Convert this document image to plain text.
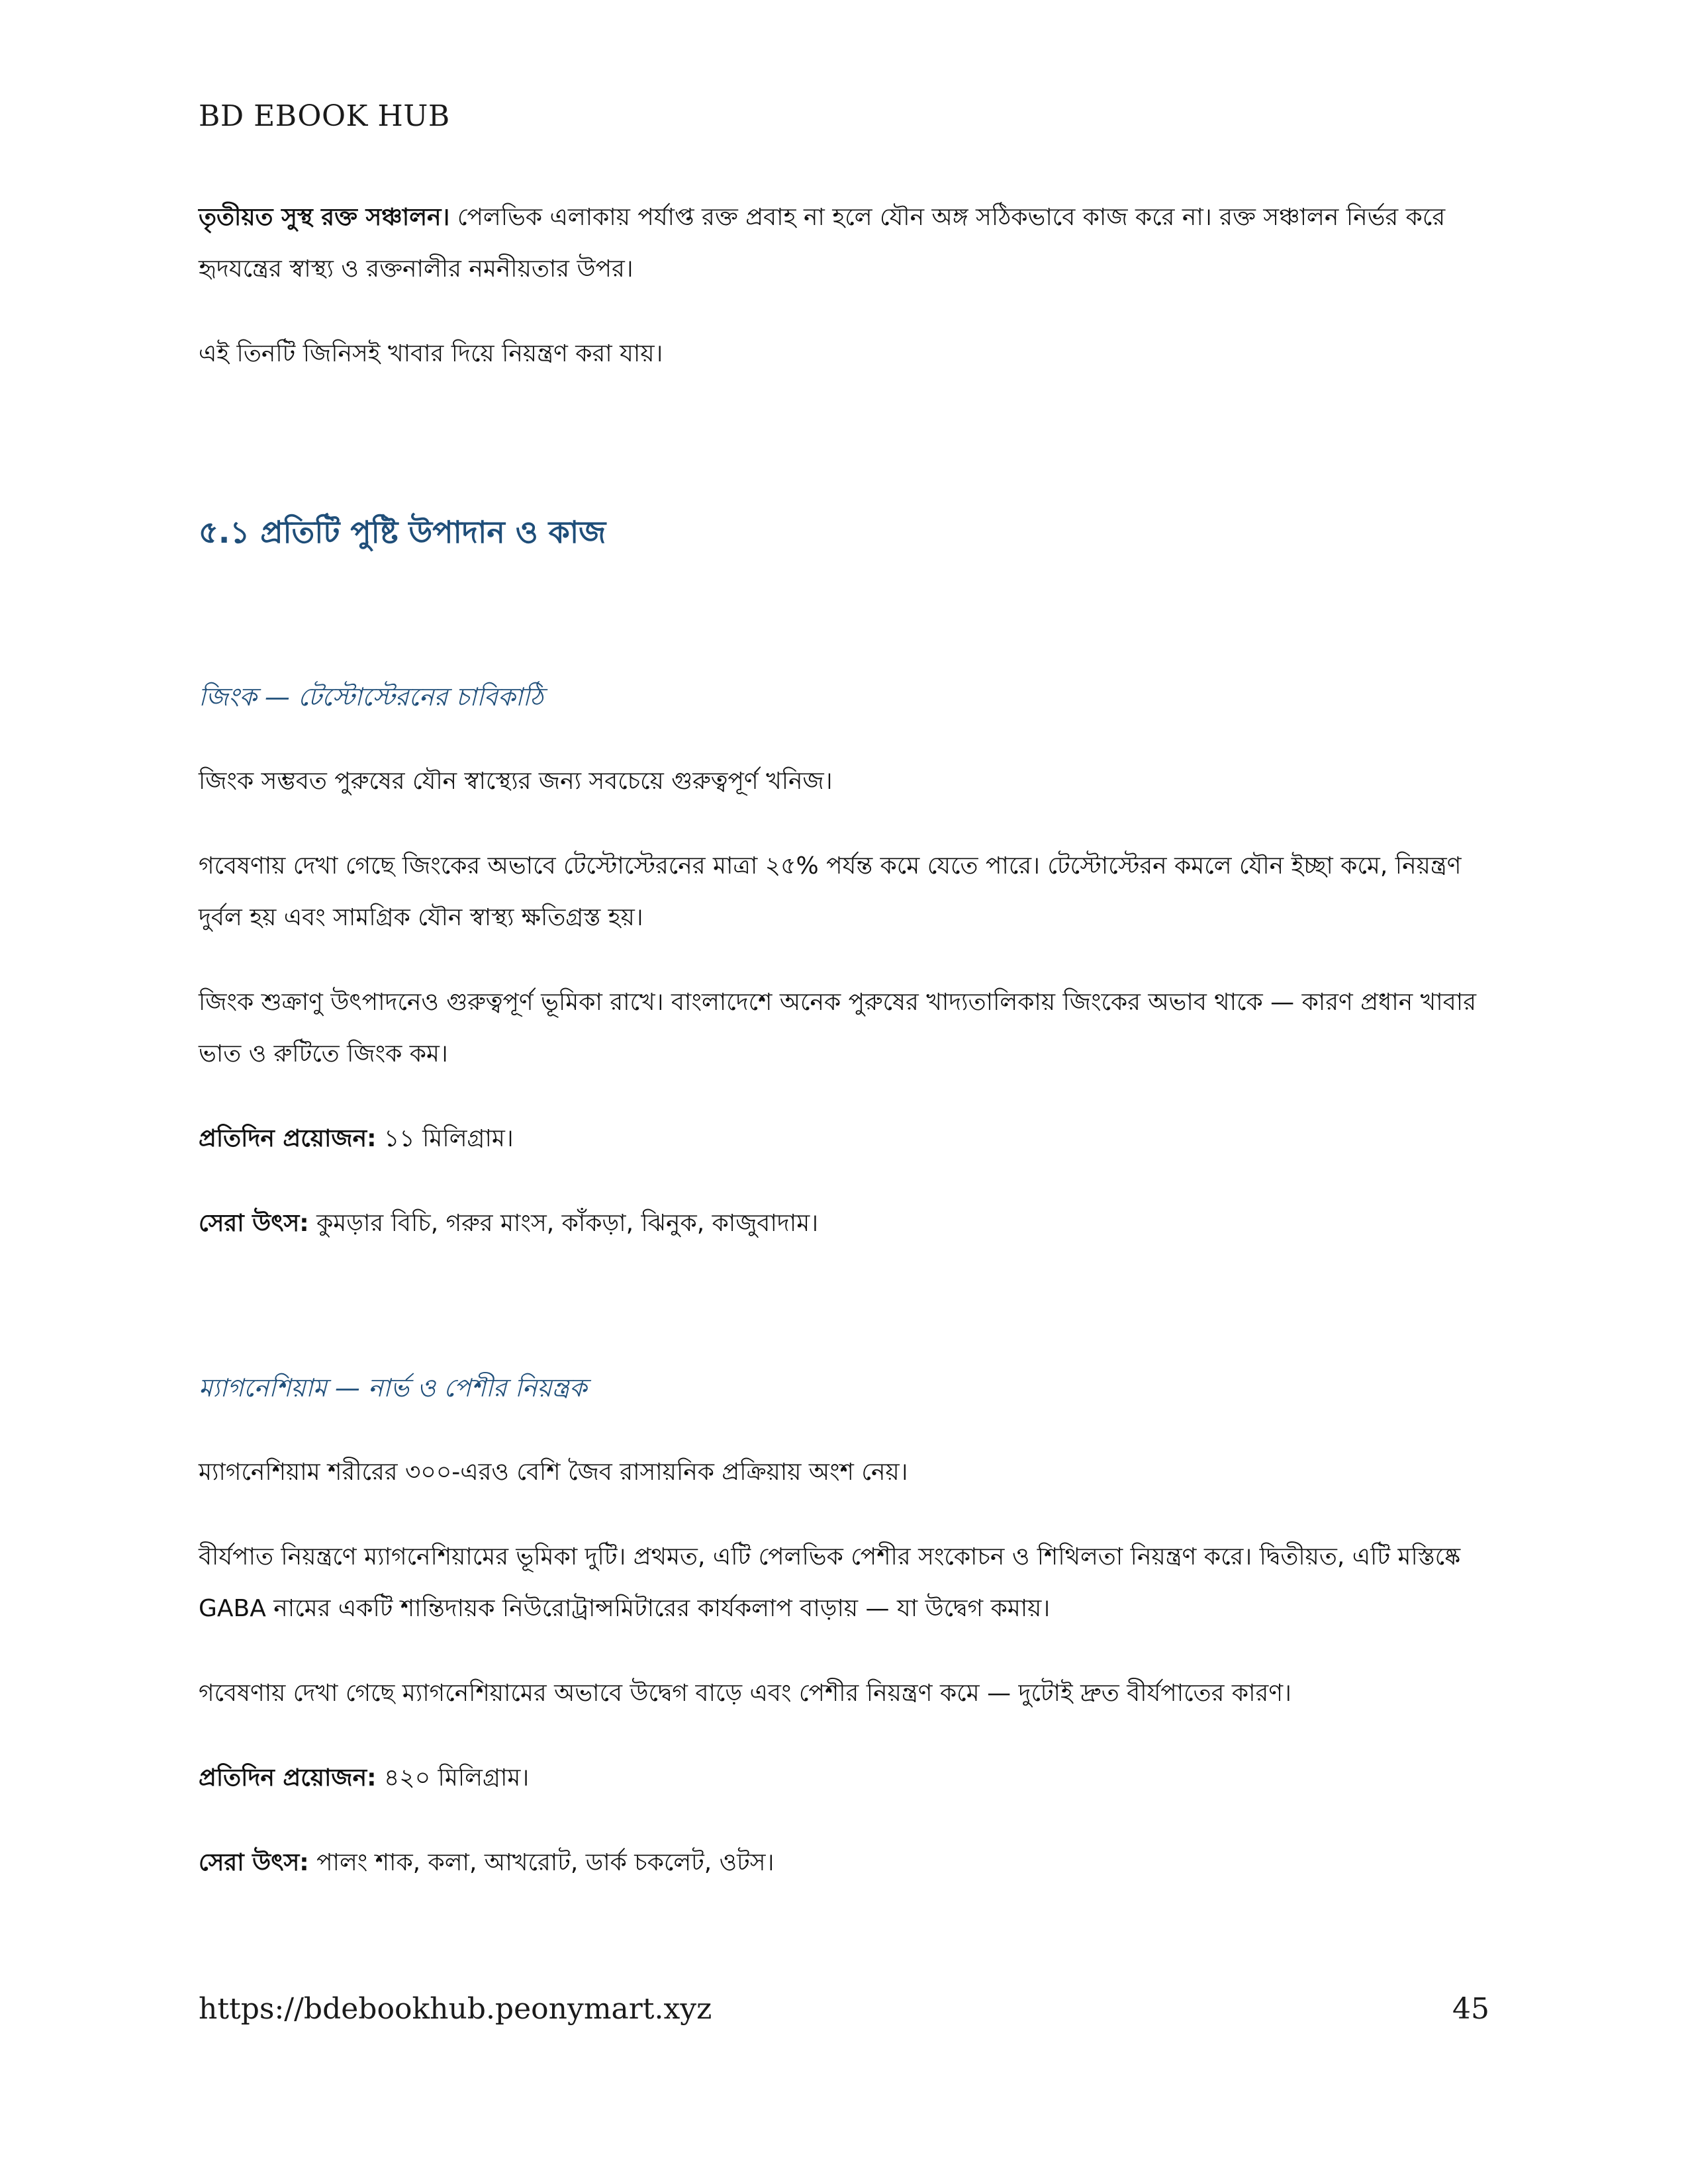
BD EBOOK HUB

তৃতীয়ত সুস্থ রক্ত সঞ্চালন। পেলভিক এলাকায় পর্যাপ্ত রক্ত প্রবাহ না হলে যৌন অঙ্গ সঠিকভাবে কাজ করে না। রক্ত সঞ্চালন নির্ভর করে হৃদযন্ত্রের স্বাস্থ্য ও রক্তনালীর নমনীয়তার উপর।

এই তিনটি জিনিসই খাবার দিয়ে নিয়ন্ত্রণ করা যায়।

৫.১ প্রতিটি পুষ্টি উপাদান ও কাজ
জিংক — টেস্টোস্টেরনের চাবিকাঠি

জিংক সম্ভবত পুরুষের যৌন স্বাস্থ্যের জন্য সবচেয়ে গুরুত্বপূর্ণ খনিজ।

গবেষণায় দেখা গেছে জিংকের অভাবে টেস্টোস্টেরনের মাত্রা ২৫% পর্যন্ত কমে যেতে পারে। টেস্টোস্টেরন কমলে যৌন ইচ্ছা কমে, নিয়ন্ত্রণ দুর্বল হয় এবং সামগ্রিক যৌন স্বাস্থ্য ক্ষতিগ্রস্ত হয়।

জিংক শুক্রাণু উৎপাদনেও গুরুত্বপূর্ণ ভূমিকা রাখে। বাংলাদেশে অনেক পুরুষের খাদ্যতালিকায় জিংকের অভাব থাকে — কারণ প্রধান খাবার ভাত ও রুটিতে জিংক কম।

প্রতিদিন প্রয়োজন: ১১ মিলিগ্রাম।

সেরা উৎস: কুমড়ার বিচি, গরুর মাংস, কাঁকড়া, ঝিনুক, কাজুবাদাম।

ম্যাগনেশিয়াম — নার্ভ ও পেশীর নিয়ন্ত্রক

ম্যাগনেশিয়াম শরীরের ৩০০-এরও বেশি জৈব রাসায়নিক প্রক্রিয়ায় অংশ নেয়।

বীর্যপাত নিয়ন্ত্রণে ম্যাগনেশিয়ামের ভূমিকা দুটি। প্রথমত, এটি পেলভিক পেশীর সংকোচন ও শিথিলতা নিয়ন্ত্রণ করে। দ্বিতীয়ত, এটি মস্তিষ্কে GABA নামের একটি শান্তিদায়ক নিউরোট্রান্সমিটারের কার্যকলাপ বাড়ায় — যা উদ্বেগ কমায়।

গবেষণায় দেখা গেছে ম্যাগনেশিয়ামের অভাবে উদ্বেগ বাড়ে এবং পেশীর নিয়ন্ত্রণ কমে — দুটোই দ্রুত বীর্যপাতের কারণ।

প্রতিদিন প্রয়োজন: ৪২০ মিলিগ্রাম।

সেরা উৎস: পালং শাক, কলা, আখরোট, ডার্ক চকলেট, ওটস।

https://bdebookhub.peonymart.xyz	45
